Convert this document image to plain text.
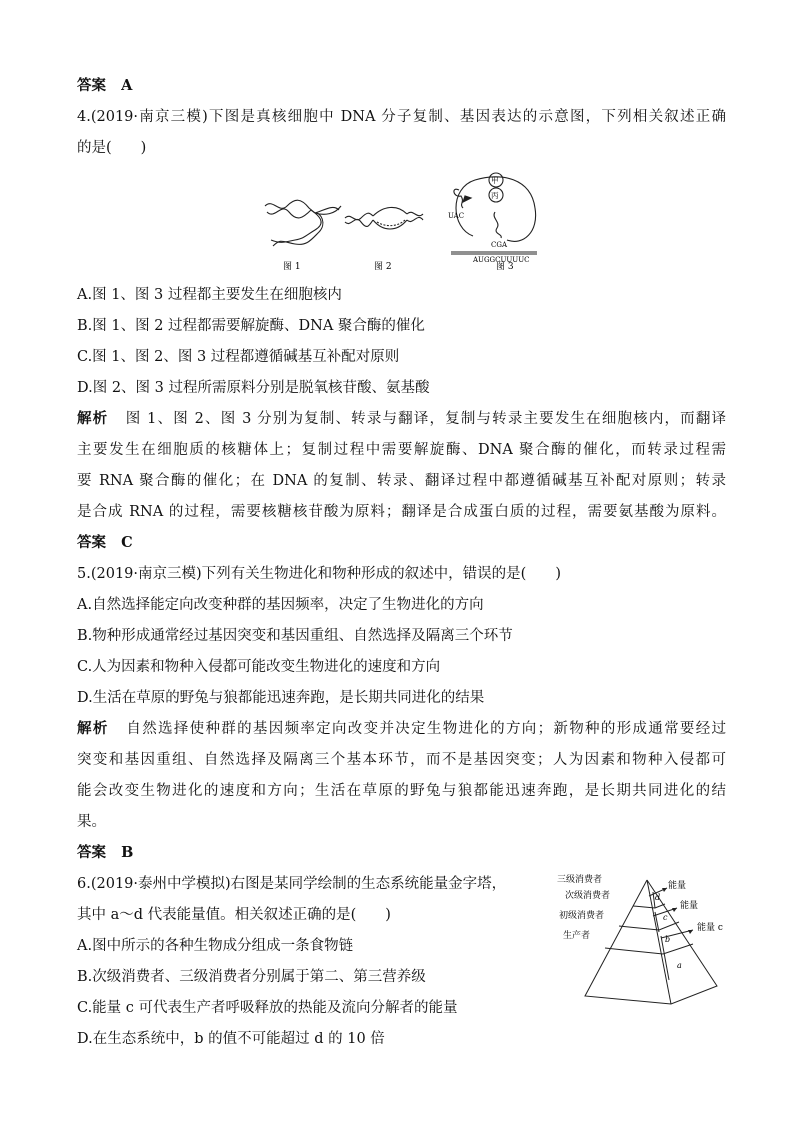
答案 A
4.(2019·南京三模)下图是真核细胞中 DNA 分子复制、基因表达的示意图，下列相关叙述正确
的是(　　)
图 1	图 2
甲
丙
UAC
CGA
AUGGCUUUUC
图 3
A.图 1、图 3 过程都主要发生在细胞核内
B.图 1、图 2 过程都需要解旋酶、DNA 聚合酶的催化
C.图 1、图 2、图 3 过程都遵循碱基互补配对原则
D.图 2、图 3 过程所需原料分别是脱氧核苷酸、氨基酸
解析 图 1、图 2、图 3 分别为复制、转录与翻译，复制与转录主要发生在细胞核内，而翻译
主要发生在细胞质的核糖体上；复制过程中需要解旋酶、DNA 聚合酶的催化，而转录过程需
要 RNA 聚合酶的催化；在 DNA 的复制、转录、翻译过程中都遵循碱基互补配对原则；转录
是合成 RNA 的过程，需要核糖核苷酸为原料；翻译是合成蛋白质的过程，需要氨基酸为原料。
答案 C
5.(2019·南京三模)下列有关生物进化和物种形成的叙述中，错误的是(　　)
A.自然选择能定向改变种群的基因频率，决定了生物进化的方向
B.物种形成通常经过基因突变和基因重组、自然选择及隔离三个环节
C.人为因素和物种入侵都可能改变生物进化的速度和方向
D.生活在草原的野兔与狼都能迅速奔跑，是长期共同进化的结果
解析 自然选择使种群的基因频率定向改变并决定生物进化的方向；新物种的形成通常要经过
突变和基因重组、自然选择及隔离三个基本环节，而不是基因突变；人为因素和物种入侵都可
能会改变生物进化的速度和方向；生活在草原的野兔与狼都能迅速奔跑，是长期共同进化的结
果。
答案 B
6.(2019·泰州中学模拟)右图是某同学绘制的生态系统能量金字塔，
其中 a～d 代表能量值。相关叙述正确的是(　　)
A.图中所示的各种生物成分组成一条食物链
B.次级消费者、三级消费者分别属于第二、第三营养级
C.能量 c 可代表生产者呼吸释放的热能及流向分解者的能量
D.在生态系统中，b 的值不可能超过 d 的 10 倍
三级消费者
次级消费者
初级消费者
生产者
能量
能量
能量 c
d
c
b
a
